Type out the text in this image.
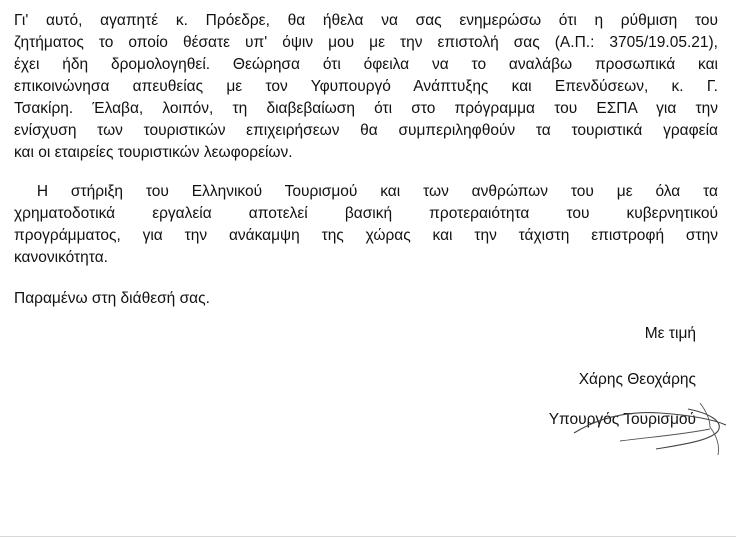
Γι' αυτό, αγαπητέ κ. Πρόεδρε, θα ήθελα να σας ενημερώσω ότι η ρύθμιση του
ζητήματος το οποίο θέσατε υπ' όψιν μου με την επιστολή σας (Α.Π.: 3705/19.05.21),
έχει ήδη δρομολογηθεί. Θεώρησα ότι όφειλα να το αναλάβω προσωπικά και
επικοινώνησα απευθείας με τον Υφυπουργό Ανάπτυξης και Επενδύσεων, κ. Γ.
Τσακίρη. Έλαβα, λοιπόν, τη διαβεβαίωση ότι στο πρόγραμμα του ΕΣΠΑ για την
ενίσχυση των τουριστικών επιχειρήσεων θα συμπεριληφθούν τα τουριστικά γραφεία
και οι εταιρείες τουριστικών λεωφορείων.

Η στήριξη του Ελληνικού Τουρισμού και των ανθρώπων του με όλα τα
χρηματοδοτικά εργαλεία αποτελεί βασική προτεραιότητα του κυβερνητικού
προγράμματος, για την ανάκαμψη της χώρας και την τάχιστη επιστροφή στην
κανονικότητα.

Παραμένω στη διάθεσή σας.

Με τιμή
Χάρης Θεοχάρης
Υπουργός Τουρισμού
